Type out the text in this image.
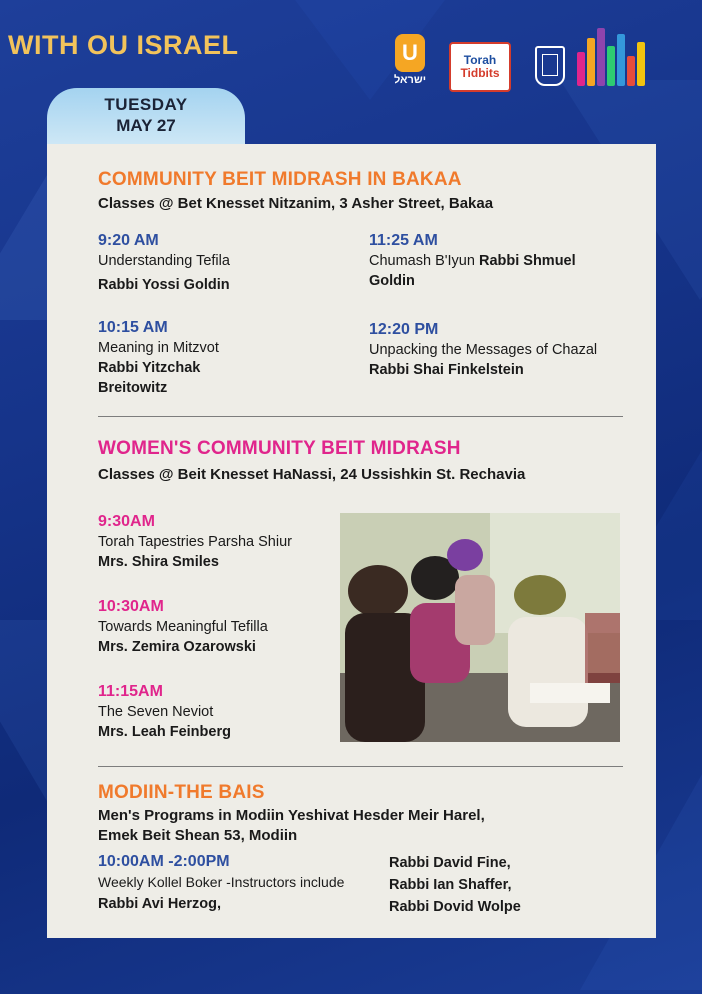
WITH OU ISRAEL	U
ישראל
Torah
Tidbits
TUESDAY
MAY 27
COMMUNITY BEIT MIDRASH IN BAKAA
Classes @ Bet Knesset Nitzanim, 3 Asher Street, Bakaa
9:20 AM
Understanding Tefila
Rabbi Yossi Goldin
11:25 AM
Chumash B'Iyun Rabbi Shmuel
Goldin
10:15 AM
Meaning in Mitzvot
Rabbi Yitzchak
Breitowitz
12:20 PM
Unpacking the Messages of Chazal
Rabbi Shai Finkelstein
WOMEN'S COMMUNITY BEIT MIDRASH
Classes @ Beit Knesset HaNassi, 24 Ussishkin St. Rechavia
9:30AM
Torah Tapestries Parsha Shiur
Mrs. Shira Smiles
10:30AM
Towards Meaningful Tefilla
Mrs. Zemira Ozarowski
11:15AM
The Seven Neviot
Mrs. Leah Feinberg
MODIIN-THE BAIS
Men's Programs in Modiin Yeshivat Hesder Meir Harel,
Emek Beit Shean 53, Modiin
10:00AM -2:00PM
Weekly Kollel Boker -Instructors include
Rabbi Avi Herzog,
Rabbi David Fine,
Rabbi Ian Shaffer,
Rabbi Dovid Wolpe
